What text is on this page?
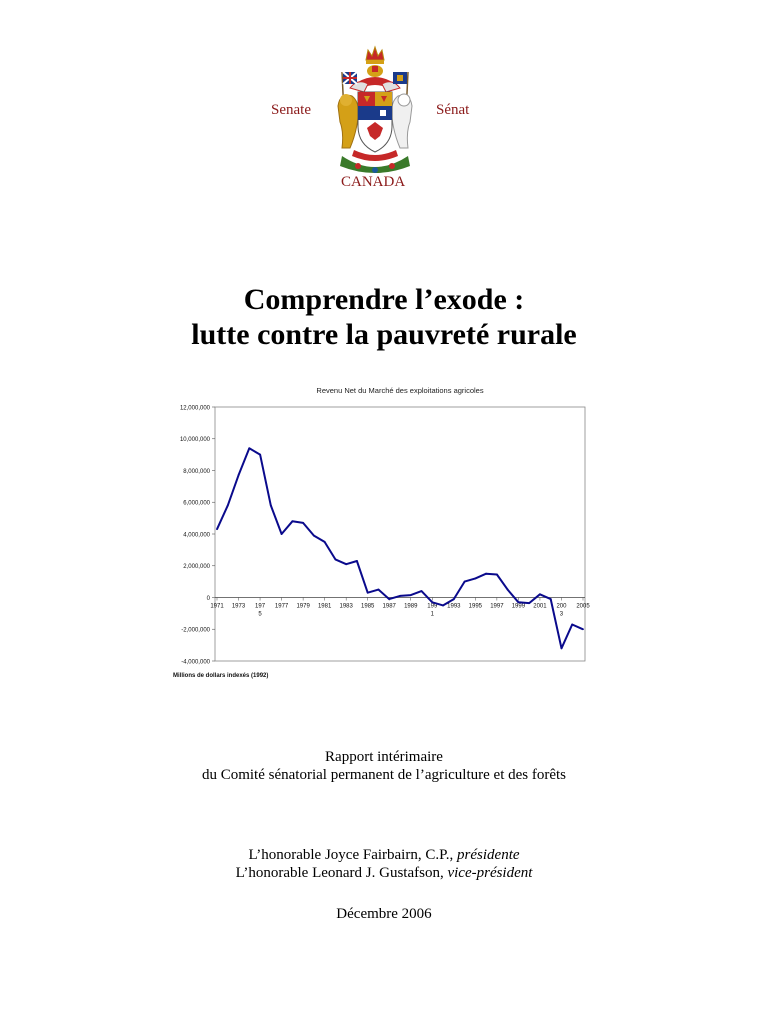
Senate	Sénat
CANADA
Comprendre l’exode :
lutte contre la pauvreté rurale
Revenu Net du Marché des exploitations agricoles
-4,000,000
-2,000,000
0
2,000,000
4,000,000
6,000,000
8,000,000
10,000,000
12,000,000
1971 1973 197
5
1977 1979 1981 1983 1985 1987 1989 199
1
1993 1995 1997 1999 2001 200
3
2005
Millions de dollars indexés (1992)
Rapport intérimaire
du Comité sénatorial permanent de l’agriculture et des forêts
L’honorable Joyce Fairbairn, C.P., présidente
L’honorable Leonard J. Gustafson, vice-président
Décembre 2006
